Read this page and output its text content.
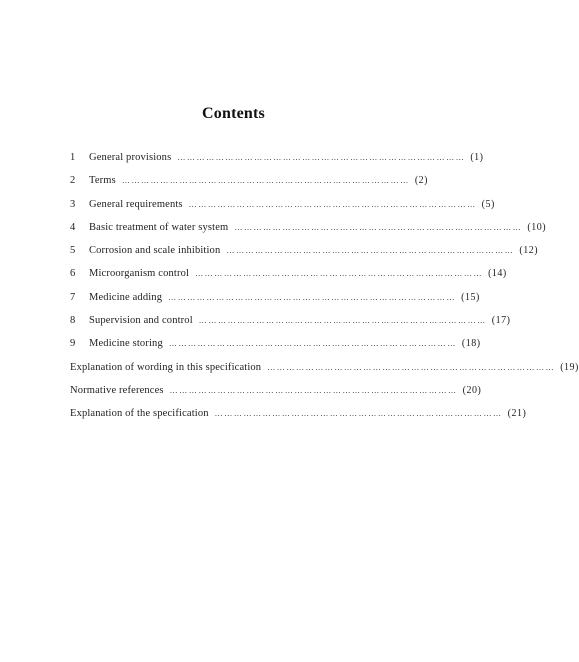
Contents
1	General provisions ……………………………………………………………………………… (1)
2	Terms ……………………………………………………………………………… (2)
3	General requirements ……………………………………………………………………………… (5)
4	Basic treatment of water system ……………………………………………………………………………… (10)
5	Corrosion and scale inhibition ……………………………………………………………………………… (12)
6	Microorganism control ……………………………………………………………………………… (14)
7	Medicine adding ……………………………………………………………………………… (15)
8	Supervision and control ……………………………………………………………………………… (17)
9	Medicine storing ……………………………………………………………………………… (18)
Explanation of wording in this specification ……………………………………………………………………………… (19)
Normative references ……………………………………………………………………………… (20)
Explanation of the specification ……………………………………………………………………………… (21)
